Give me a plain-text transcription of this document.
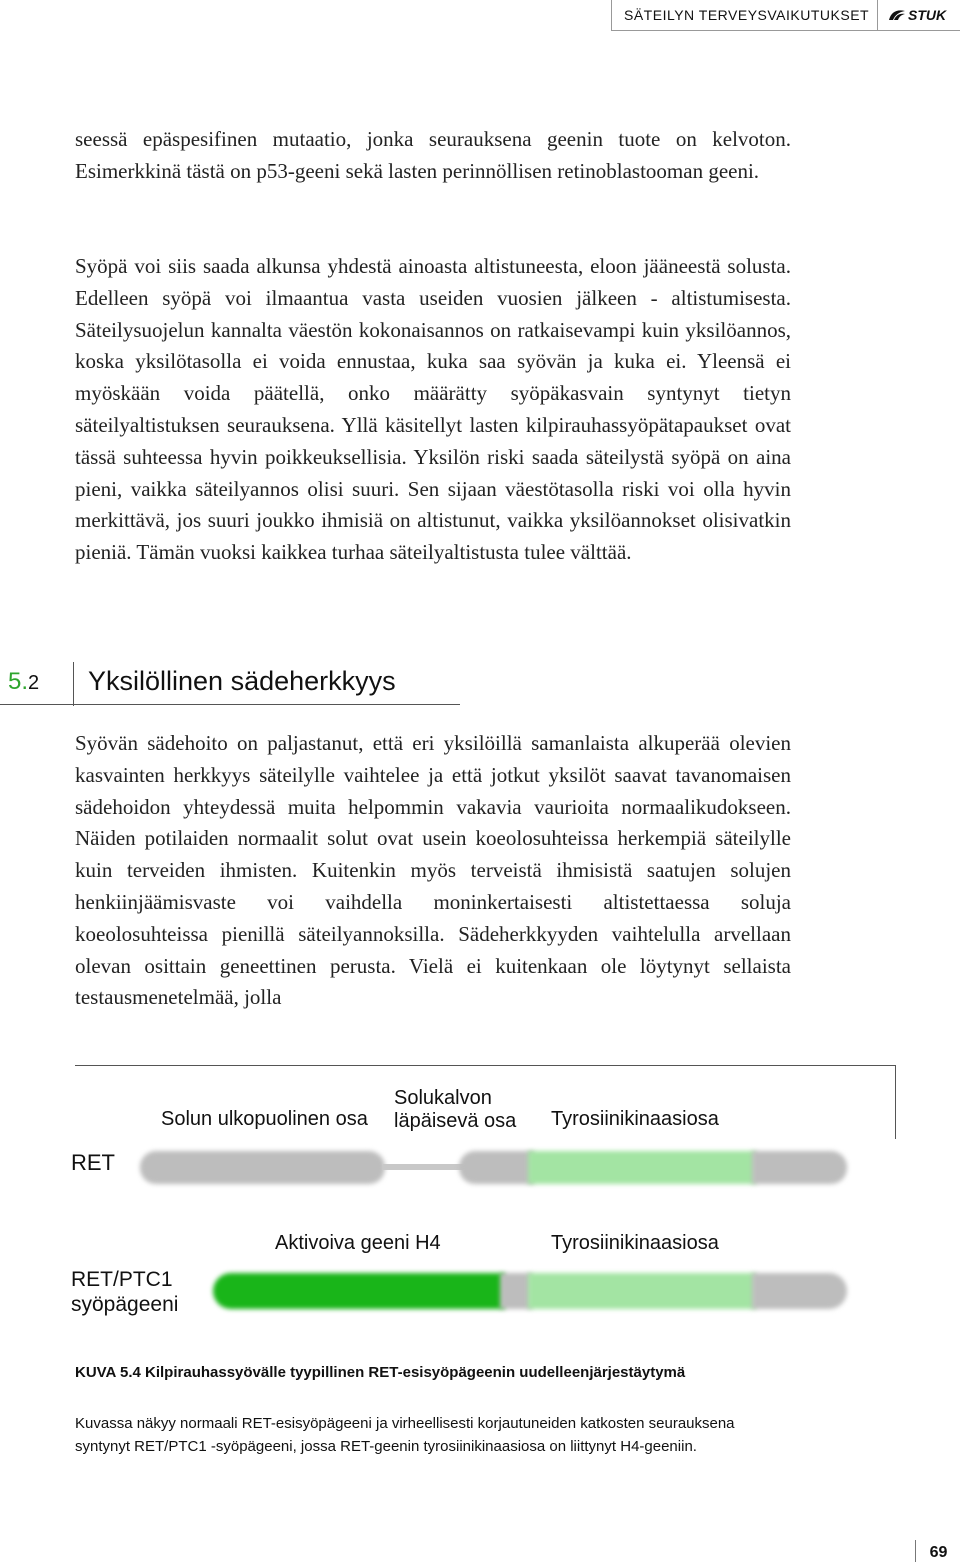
SÄTEILYN TERVEYSVAIKUTUKSET	STUK
seessä epäspesifinen mutaatio, jonka seurauksena geenin tuote on kelvoton. Esimerkkinä tästä on p53-geeni sekä lasten perinnöllisen retinoblastooman geeni.
Syöpä voi siis saada alkunsa yhdestä ainoasta altistuneesta, eloon jääneestä solusta. Edelleen syöpä voi ilmaantua vasta useiden vuosien jälkeen - altistumisesta. Säteilysuojelun kannalta väestön kokonaisannos on ratkaisevampi kuin yksilöannos, koska yksilötasolla ei voida ennustaa, kuka saa syövän ja kuka ei. Yleensä ei myöskään voida päätellä, onko määrätty syöpäkasvain syntynyt tietyn säteilyaltistuksen seurauksena. Yllä käsitellyt lasten kilpirauhassyöpätapaukset ovat tässä suhteessa hyvin poikkeuksellisia. Yksilön riski saada säteilystä syöpä on aina pieni, vaikka säteilyannos olisi suuri. Sen sijaan väestötasolla riski voi olla hyvin merkittävä, jos suuri joukko ihmisiä on altistunut, vaikka yksilöannokset olisivatkin pieniä. Tämän vuoksi kaikkea turhaa säteilyaltistusta tulee välttää.
5.2 Yksilöllinen sädeherkkyys
Syövän sädehoito on paljastanut, että eri yksilöillä samanlaista alkuperää olevien kasvainten herkkyys säteilylle vaihtelee ja että jotkut yksilöt saavat tavanomaisen sädehoidon yhteydessä muita helpommin vakavia vaurioita normaalikudokseen. Näiden potilaiden normaalit solut ovat usein koeolosuhteissa herkempiä säteilylle kuin terveiden ihmisten. Kuitenkin myös terveistä ihmisistä saatujen solujen henkiinjäämisvaste voi vaihdella moninkertaisesti altistettaessa soluja koeolosuhteissa pienillä säteilyannoksilla. Sädeherkkyyden vaihtelulla arvellaan olevan osittain geneettinen perusta. Vielä ei kuitenkaan ole löytynyt sellaista testausmenetelmää, jolla
Solun ulkopuolinen osa
Solukalvon
läpäisevä osa Tyrosiinikinaasiosa
RET
Aktivoiva geeni H4	Tyrosiinikinaasiosa
RET/PTC1
syöpägeeni
KUVA 5.4 Kilpirauhassyövälle tyypillinen RET-esisyöpägeenin uudelleenjärjestäytymä
Kuvassa näkyy normaali RET-esisyöpägeeni ja virheellisesti korjautuneiden katkosten seurauksena syntynyt RET/PTC1 -syöpägeeni, jossa RET-geenin tyrosiinikinaasiosa on liittynyt H4-geeniin.
69
